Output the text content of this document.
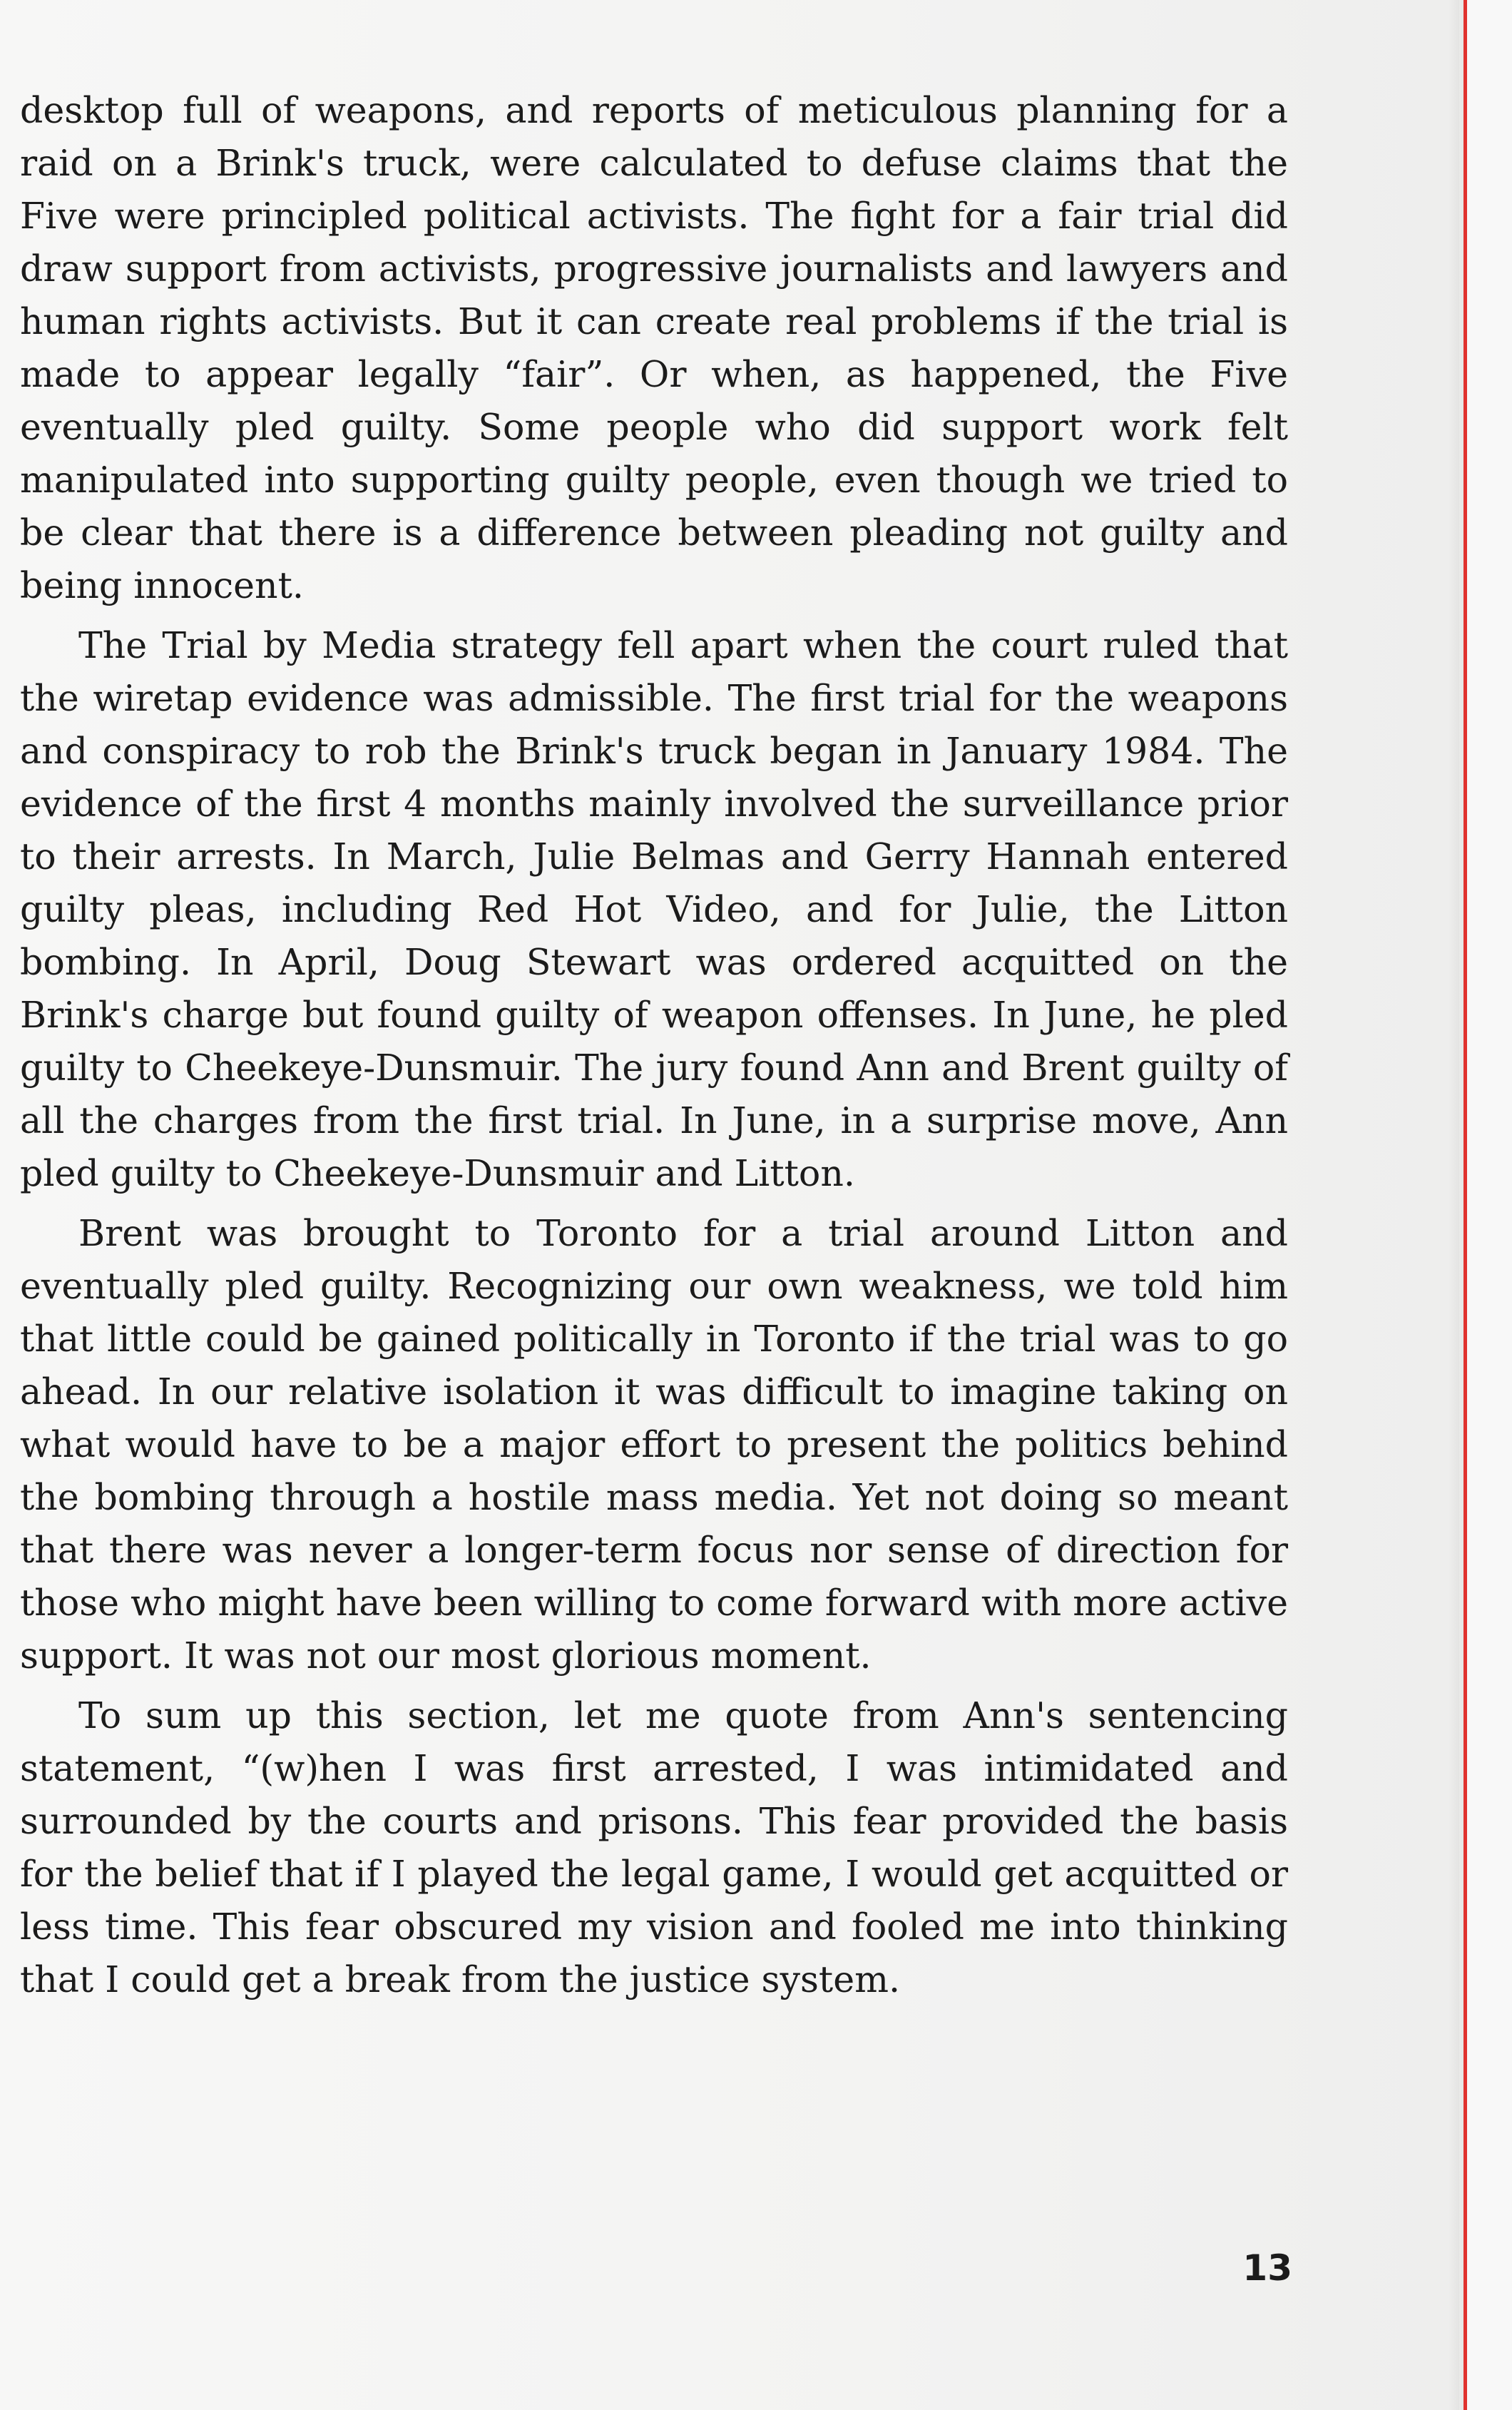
desktop full of weapons, and reports of meticulous planning for a raid on a Brink's truck, were calculated to defuse claims that the Five were principled political activists. The fight for a fair trial did draw support from activists, progressive journalists and lawyers and human rights activists. But it can create real problems if the trial is made to appear legally “fair”. Or when, as happened, the Five eventually pled guilty. Some people who did support work felt manipulated into supporting guilty people, even though we tried to be clear that there is a difference between pleading not guilty and being innocent.

The Trial by Media strategy fell apart when the court ruled that the wiretap evidence was admissible. The first trial for the weapons and conspiracy to rob the Brink's truck began in January 1984. The evidence of the first 4 months mainly involved the surveillance prior to their arrests. In March, Julie Belmas and Gerry Hannah entered guilty pleas, including Red Hot Video, and for Julie, the Litton bombing. In April, Doug Stewart was ordered acquitted on the Brink's charge but found guilty of weapon offenses. In June, he pled guilty to Cheekeye-Dunsmuir. The jury found Ann and Brent guilty of all the charges from the first trial. In June, in a surprise move, Ann pled guilty to Cheekeye-Dunsmuir and Litton.

Brent was brought to Toronto for a trial around Litton and eventually pled guilty. Recognizing our own weakness, we told him that little could be gained politically in Toronto if the trial was to go ahead. In our relative isolation it was difficult to imagine taking on what would have to be a major effort to present the politics behind the bombing through a hostile mass media. Yet not doing so meant that there was never a longer-term focus nor sense of direction for those who might have been willing to come forward with more active support. It was not our most glorious moment.

To sum up this section, let me quote from Ann's sentencing statement, “(w)hen I was first arrested, I was intimidated and surrounded by the courts and prisons. This fear provided the basis for the belief that if I played the legal game, I would get acquitted or less time. This fear obscured my vision and fooled me into thinking that I could get a break from the justice system.

13
